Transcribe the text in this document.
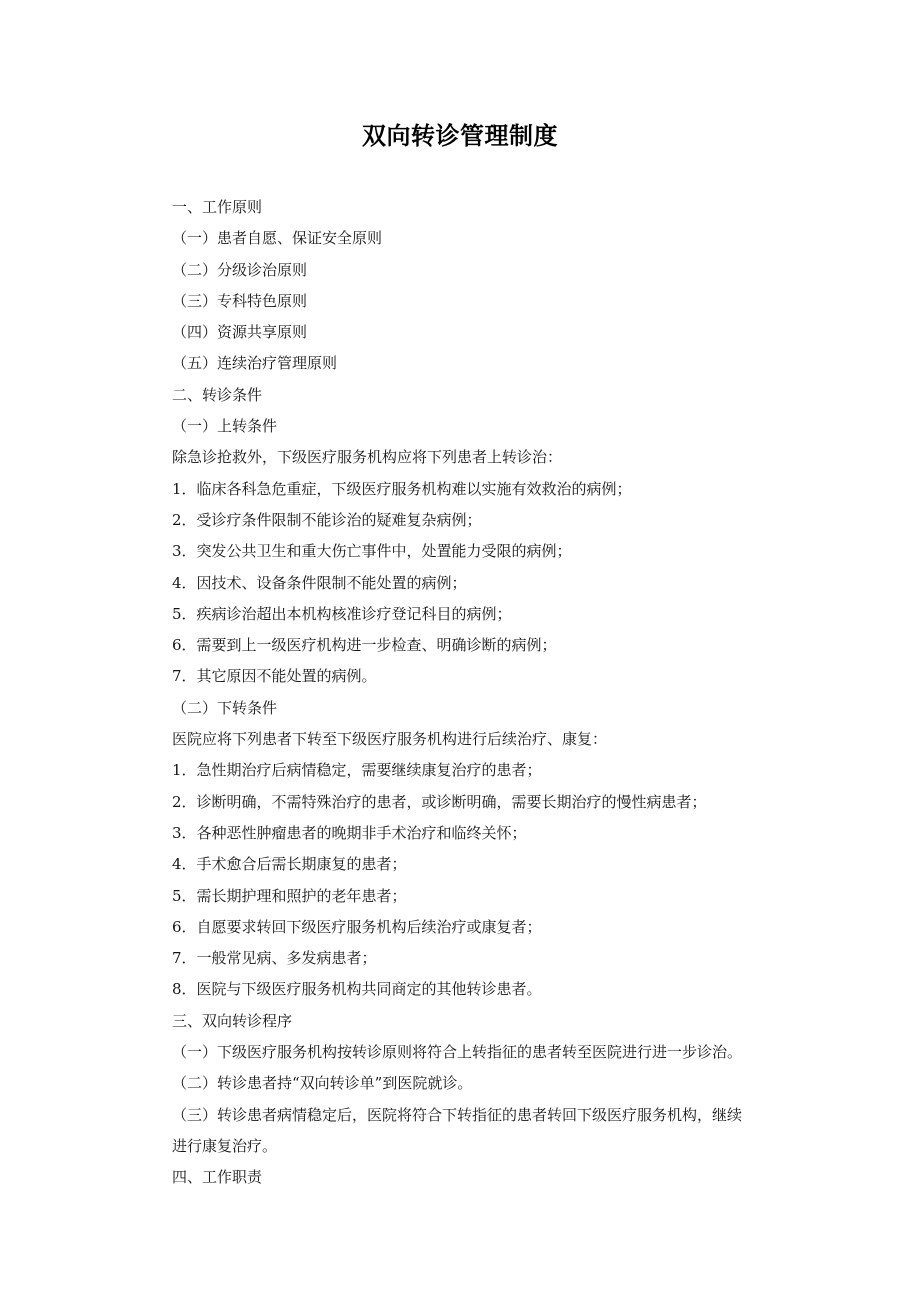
双向转诊管理制度
一、工作原则
（一）患者自愿、保证安全原则
（二）分级诊治原则
（三）专科特色原则
（四）资源共享原则
（五）连续治疗管理原则
二、转诊条件
（一）上转条件
除急诊抢救外，下级医疗服务机构应将下列患者上转诊治：
1．临床各科急危重症，下级医疗服务机构难以实施有效救治的病例；
2．受诊疗条件限制不能诊治的疑难复杂病例；
3．突发公共卫生和重大伤亡事件中，处置能力受限的病例；
4．因技术、设备条件限制不能处置的病例；
5．疾病诊治超出本机构核准诊疗登记科目的病例；
6．需要到上一级医疗机构进一步检查、明确诊断的病例；
7．其它原因不能处置的病例。
（二）下转条件
医院应将下列患者下转至下级医疗服务机构进行后续治疗、康复：
1．急性期治疗后病情稳定，需要继续康复治疗的患者；
2．诊断明确，不需特殊治疗的患者，或诊断明确，需要长期治疗的慢性病患者；
3．各种恶性肿瘤患者的晚期非手术治疗和临终关怀；
4．手术愈合后需长期康复的患者；
5．需长期护理和照护的老年患者；
6．自愿要求转回下级医疗服务机构后续治疗或康复者；
7．一般常见病、多发病患者；
8．医院与下级医疗服务机构共同商定的其他转诊患者。
三、双向转诊程序
（一）下级医疗服务机构按转诊原则将符合上转指征的患者转至医院进行进一步诊治。
（二）转诊患者持“双向转诊单”到医院就诊。
（三）转诊患者病情稳定后，医院将符合下转指征的患者转回下级医疗服务机构，继续
进行康复治疗。
四、工作职责
